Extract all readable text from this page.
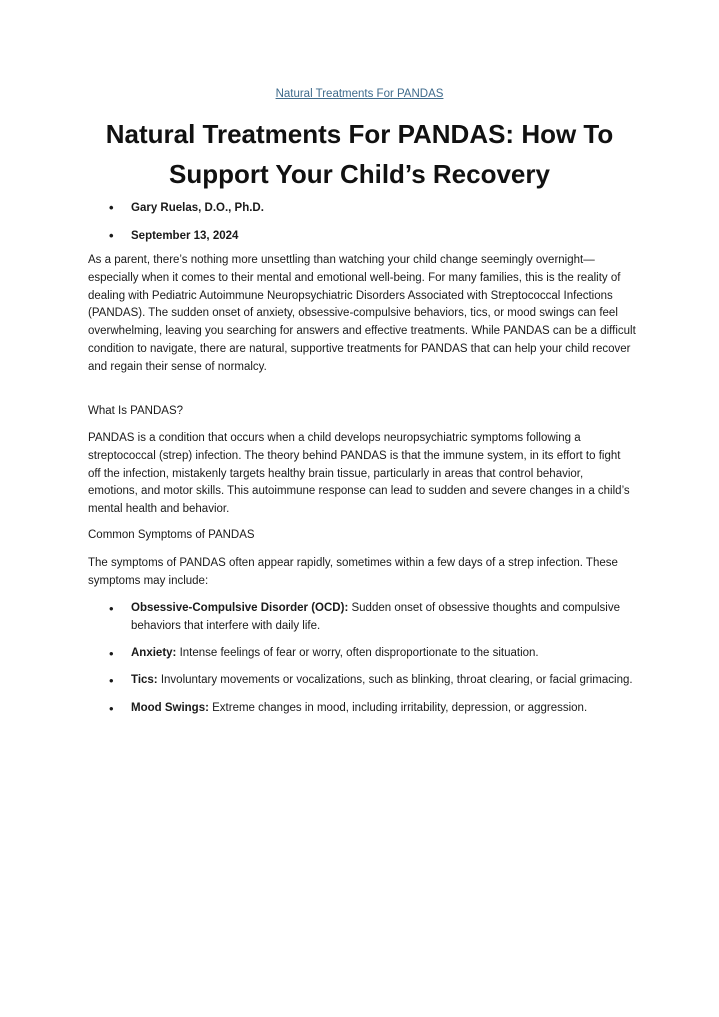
Natural Treatments For PANDAS
Natural Treatments For PANDAS: How To
Support Your Child’s Recovery
• Gary Ruelas, D.O., Ph.D.
• September 13, 2024

As a parent, there’s nothing more unsettling than watching your child change seemingly overnight—especially when it comes to their mental and emotional well-being. For many families, this is the reality of dealing with Pediatric Autoimmune Neuropsychiatric Disorders Associated with Streptococcal Infections (PANDAS). The sudden onset of anxiety, obsessive-compulsive behaviors, tics, or mood swings can feel overwhelming, leaving you searching for answers and effective treatments. While PANDAS can be a difficult condition to navigate, there are natural, supportive treatments for PANDAS that can help your child recover and regain their sense of normalcy.

What Is PANDAS?

PANDAS is a condition that occurs when a child develops neuropsychiatric symptoms following a streptococcal (strep) infection. The theory behind PANDAS is that the immune system, in its effort to fight off the infection, mistakenly targets healthy brain tissue, particularly in areas that control behavior, emotions, and motor skills. This autoimmune response can lead to sudden and severe changes in a child’s mental health and behavior.

Common Symptoms of PANDAS

The symptoms of PANDAS often appear rapidly, sometimes within a few days of a strep infection. These symptoms may include:

• Obsessive-Compulsive Disorder (OCD): Sudden onset of obsessive thoughts and compulsive behaviors that interfere with daily life.
• Anxiety: Intense feelings of fear or worry, often disproportionate to the situation.
• Tics: Involuntary movements or vocalizations, such as blinking, throat clearing, or facial grimacing.
• Mood Swings: Extreme changes in mood, including irritability, depression, or aggression.
